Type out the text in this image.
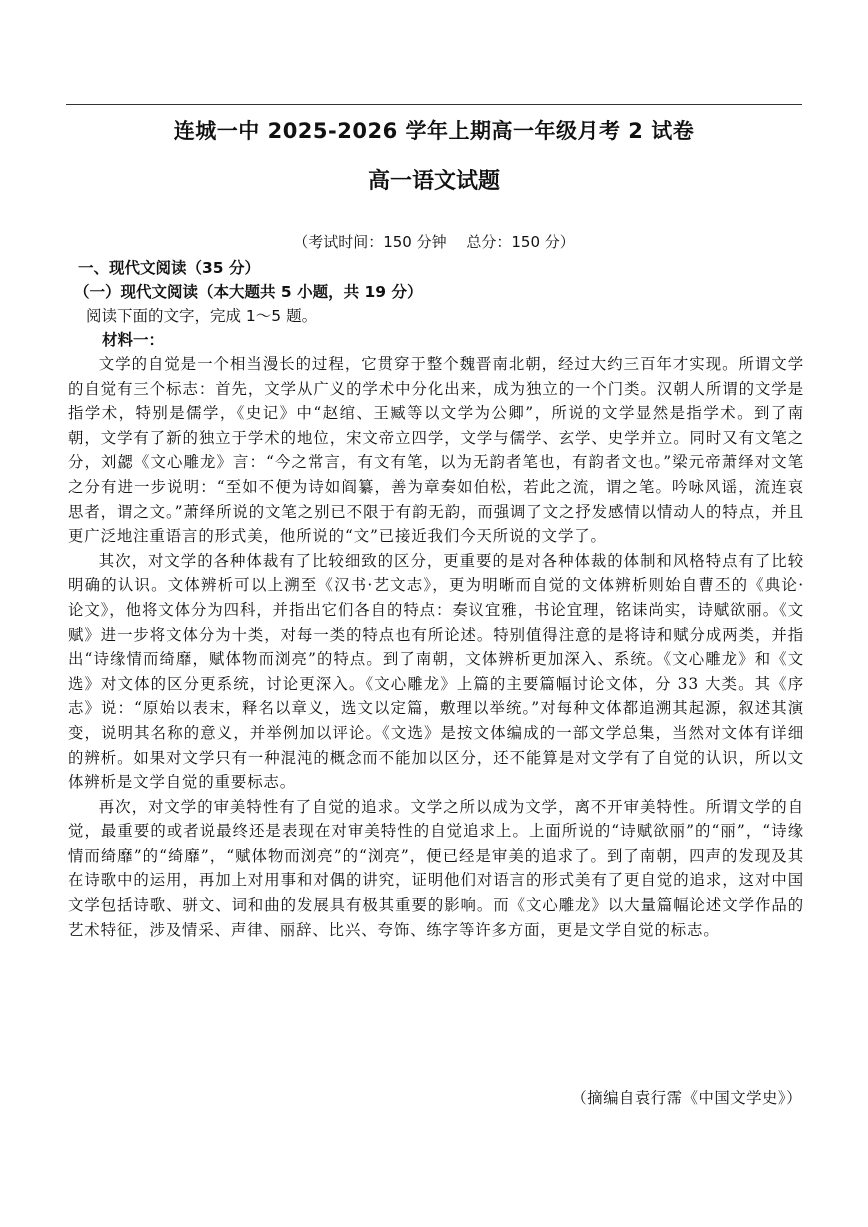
连城一中 2025-2026 学年上期高一年级月考 2 试卷
高一语文试题
（考试时间：150 分钟　 总分：150 分）
一、现代文阅读（35 分）
（一）现代文阅读（本大题共 5 小题，共 19 分）
阅读下面的文字，完成 1～5 题。
材料一：

文学的自觉是一个相当漫长的过程，它贯穿于整个魏晋南北朝，经过大约三百年才实现。所谓文学的自觉有三个标志：首先，文学从广义的学术中分化出来，成为独立的一个门类。汉朝人所谓的文学是指学术，特别是儒学，《史记》中“赵绾、王臧等以文学为公卿”，所说的文学显然是指学术。到了南朝，文学有了新的独立于学术的地位，宋文帝立四学，文学与儒学、玄学、史学并立。同时又有文笔之分，刘勰《文心雕龙》言：“今之常言，有文有笔，以为无韵者笔也，有韵者文也。”梁元帝萧绎对文笔之分有进一步说明：“至如不便为诗如阎纂，善为章奏如伯松，若此之流，谓之笔。吟咏风谣，流连哀思者，谓之文。”萧绎所说的文笔之别已不限于有韵无韵，而强调了文之抒发感情以情动人的特点，并且更广泛地注重语言的形式美，他所说的“文”已接近我们今天所说的文学了。

其次，对文学的各种体裁有了比较细致的区分，更重要的是对各种体裁的体制和风格特点有了比较明确的认识。文体辨析可以上溯至《汉书·艺文志》，更为明晰而自觉的文体辨析则始自曹丕的《典论·论文》，他将文体分为四科，并指出它们各自的特点：奏议宜雅，书论宜理，铭诔尚实，诗赋欲丽。《文赋》进一步将文体分为十类，对每一类的特点也有所论述。特别值得注意的是将诗和赋分成两类，并指出“诗缘情而绮靡，赋体物而浏亮”的特点。到了南朝，文体辨析更加深入、系统。《文心雕龙》和《文选》对文体的区分更系统，讨论更深入。《文心雕龙》上篇的主要篇幅讨论文体，分 33 大类。其《序志》说：“原始以表末，释名以章义，选文以定篇，敷理以举统。”对每种文体都追溯其起源，叙述其演变，说明其名称的意义，并举例加以评论。《文选》是按文体编成的一部文学总集，当然对文体有详细的辨析。如果对文学只有一种混沌的概念而不能加以区分，还不能算是对文学有了自觉的认识，所以文体辨析是文学自觉的重要标志。

再次，对文学的审美特性有了自觉的追求。文学之所以成为文学，离不开审美特性。所谓文学的自觉，最重要的或者说最终还是表现在对审美特性的自觉追求上。上面所说的“诗赋欲丽”的“丽”，“诗缘情而绮靡”的“绮靡”，“赋体物而浏亮”的“浏亮”，便已经是审美的追求了。到了南朝，四声的发现及其在诗歌中的运用，再加上对用事和对偶的讲究，证明他们对语言的形式美有了更自觉的追求，这对中国文学包括诗歌、骈文、词和曲的发展具有极其重要的影响。而《文心雕龙》以大量篇幅论述文学作品的艺术特征，涉及情采、声律、丽辞、比兴、夸饰、练字等许多方面，更是文学自觉的标志。

（摘编自袁行霈《中国文学史》）
